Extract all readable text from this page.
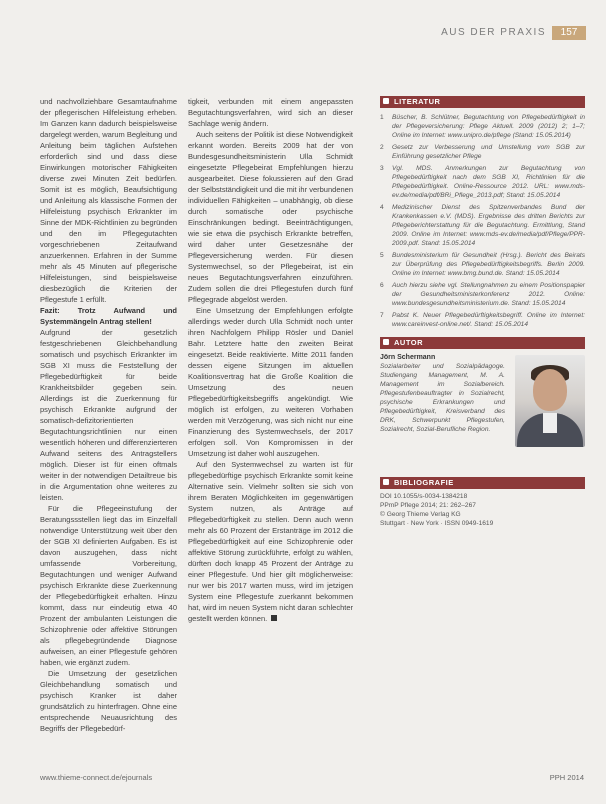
AUS DER PRAXIS	157

und nachvollziehbare Gesamtaufnahme der pflegerischen Hilfeleistung erheben. Im Ganzen kann dadurch beispielsweise dargelegt werden, warum Begleitung und Anleitung beim täglichen Aufstehen erforderlich sind und dass diese Einwirkungen motorischer Fähigkeiten diverse zwei Minuten Zeit bedürfen. Somit ist es möglich, Beaufsichtigung und Anleitung als klassische Formen der Hilfeleistung psychisch Erkrankter im Sinne der MDK-Richtlinien zu begründen und den im Pflegegutachten vorgeschriebenen Zeitaufwand anzuerkennen. Erfahren in der Summe mehr als 45 Minuten auf pflegerische Hilfeleistungen, sind beispielsweise diesbezüglich die Kriterien der Pflegestufe 1 erfüllt.

Fazit: Trotz Aufwand und Systemmängeln Antrag stellen!

Aufgrund der gesetzlich festgeschriebenen Gleichbehandlung somatisch und psychisch Erkrankter im SGB XI muss die Feststellung der Pflegebedürftigkeit für beide Krankheitsbilder gegeben sein. Allerdings ist die Zuerkennung für psychisch Erkrankte aufgrund der somatisch-defizitorientierten Begutachtungsrichtlinien nur einen wesentlich höheren und differenzierteren Aufwand seitens des Antragstellers möglich. Dieser ist für einen oftmals weiter in der notwendigen Detailtreue bis in die Argumentation ohne weiteres zu leisten.

Für die Pflegeeinstufung der Beratungssstellen liegt das im Einzelfall notwendige Unterstützung weit über den der SGB XI definierten Aufgaben. Es ist davon auszugehen, dass nicht umfassende Vorbereitung, Begutachtungen und weniger Aufwand psychisch Erkrankte diese Zuerkennung der Pflegebedürftigkeit erhalten. Hinzu kommt, dass nur eindeutig etwa 40 Prozent der ambulanten Leistungen die Schizophrenie oder affektive Störungen als pflegebegründende Diagnose aufweisen, an einer Pflegestufe gehören haben, wie ergänzt zudem.

Die Umsetzung der gesetzlichen Gleichbehandlung somatisch und psychisch Kranker ist daher grundsätzlich zu hinterfragen. Ohne eine entsprechende Neuausrichtung des Begriffs der Pflegebedürf-

tigkeit, verbunden mit einem angepassten Begutachtungsverfahren, wird sich an dieser Sachlage wenig ändern.

Auch seitens der Politik ist diese Notwendigkeit erkannt worden. Bereits 2009 hat der von Bundesgesundheitsministerin Ulla Schmidt eingesetzte Pflegebeirat Empfehlungen hierzu ausgearbeitet. Diese fokussieren auf den Grad der Selbstständigkeit und die mit ihr verbundenen individuellen Fähigkeiten – unabhängig, ob diese durch somatische oder psychische Einschränkungen bedingt. Beeinträchtigungen, wie sie etwa die psychisch Erkrankte betreffen, wird daher unter Gesetzesnähe der Pflegeversicherung werden. Für diesen Systemwechsel, so der Pflegebeirat, ist ein neues Begutachtungsverfahren einzuführen. Zudem sollen die drei Pflegestufen durch fünf Pflegegrade abgelöst werden.

Eine Umsetzung der Empfehlungen erfolgte allerdings weder durch Ulla Schmidt noch unter ihren Nachfolgern Philipp Rösler und Daniel Bahr. Letztere hatte den zweiten Beirat eingesetzt. Beide reaktivierte. Mitte 2011 fanden dessen eigene Sitzungen im aktuellen Koalitionsvertrag hat die Große Koalition die Umsetzung des neuen Pflegebedürftigkeitsbegriffs angekündigt. Wie möglich ist erfolgen, zu weiteren Vorhaben werden mit Verzögerung, was sich nicht nur eine Finanzierung des Systemwechsels, der 2017 erfolgen soll. Von Kompromissen in der Umsetzung ist daher wohl auszugehen.

Auf den Systemwechsel zu warten ist für pflegebedürftige psychisch Erkrankte somit keine Alternative sein. Vielmehr sollten sie sich von ihrem Beraten Möglichkeiten im gegenwärtigen System nutzen, als Anträge auf Pflegebedürftigkeit zu stellen. Denn auch wenn mehr als 60 Prozent der Erstanträge im 2012 die Pflegebedürftigkeit auf eine Schizophrenie oder affektive Störung zurückführte, erfolgt zu wählen, dürften doch knapp 45 Prozent der Anträge zu einer Pflegestufe. Und hier gilt möglicherweise: nur wer bis 2017 warten muss, wird im jetzigen System eine Pflegestufe zuerkannt bekommen hat, wird im neuen System nicht daran schlechter gestellt werden können.

LITERATUR
1 Büscher, B. Schlütner, Begutachtung von Pflegebedürftigkeit in der Pflegeversicherung: Pflege Aktuell. 2009 (2012) 2; 1–7; Online im Internet: www.unipro.de/pflege (Stand: 15.05.2014)
2 Gesetz zur Verbesserung und Umstellung vom SGB zur Einführung gesetzlicher Pflege
3 Vgl. MDS. Anmerkungen zur Begutachtung von Pflegebedürftigkeit nach dem SGB XI, Richtlinien für die Pflegebedürftigkeit. Online-Ressource 2012. URL: www.mds-ev.de/media/pdf/BRi_Pflege_2013.pdf; Stand: 15.05.2014
4 Medizinischer Dienst des Spitzenverbandes Bund der Krankenkassen e.V. (MDS). Ergebnisse des dritten Berichts zur Pflegeberichterstattung für die Begutachtung. Ermittlung, Stand 2009. Online im Internet: www.mds-ev.de/media/pdf/Pflege/PPR-2009.pdf. Stand: 15.05.2014
5 Bundesministerium für Gesundheit (Hrsg.). Bericht des Beirats zur Überprüfung des Pflegebedürftigkeitsbegriffs. Berlin 2009. Online im Internet: www.bmg.bund.de. Stand: 15.05.2014
6 Auch hierzu siehe vgl. Stellungnahmen zu einem Positionspapier der Gesundheitsministerkonferenz 2012. Online: www.bundesgesundheitsministerium.de. Stand: 15.05.2014
7 Pabst K. Neuer Pflegebedürftigkeitsbegriff. Online im Internet: www.careinvest-online.net/. Stand: 15.05.2014
AUTOR
Jörn Schermann
Sozialarbeiter und Sozialpädagoge. Studiengang Management, M. A. Management im Sozialbereich. Pflegestufenbeauftragter in Sozialrecht, psychische Erkrankungen und Pflegebedürftigkeit, Kreisverband des DRK, Schwerpunkt Pflegestufen, Sozialrecht, Sozial-Berufliche Region.
BIBLIOGRAFIE
DOI 10.1055/s-0034-1384218
PPmP Pflege 2014; 21: 262–267
© Georg Thieme Verlag KG
Stuttgart · New York · ISSN 0949-1619
www.thieme-connect.de/ejournals	PPH 2014
